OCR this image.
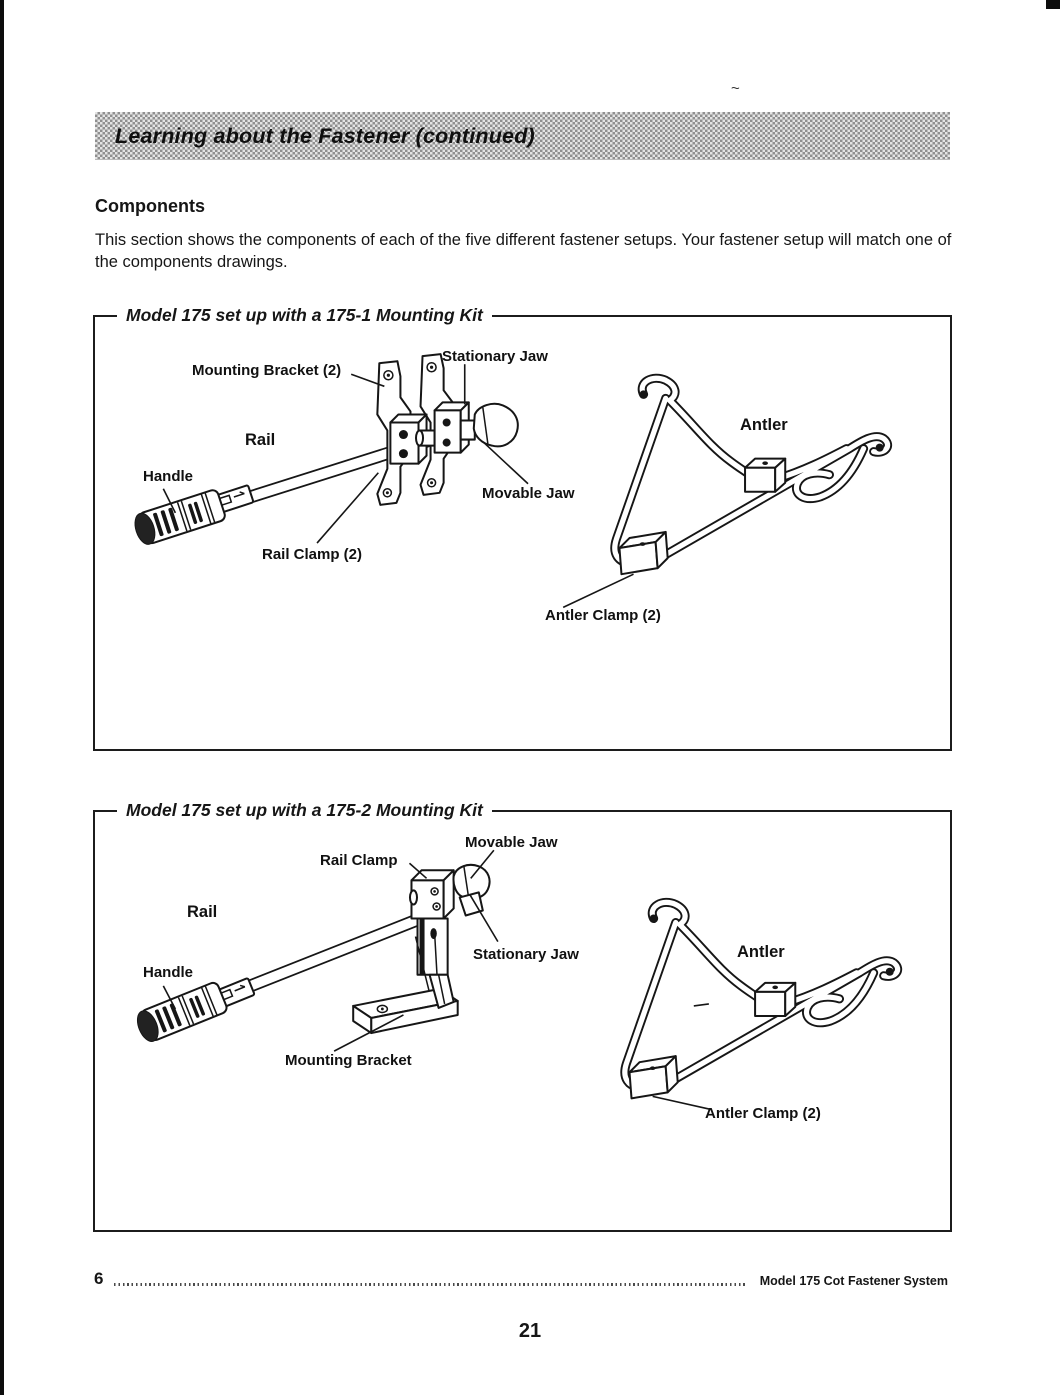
~
Learning about the Fastener (continued)
Components
This section shows the components of each of the five different fastener setups. Your fastener setup will match one of the components drawings.
Model 175 set up with a 175-1 Mounting Kit
Mounting Bracket (2)
Stationary Jaw
Rail
Handle
Movable Jaw
Rail Clamp (2)
Antler
Antler Clamp (2)
Model 175 set up with a 175-2 Mounting Kit
Movable Jaw
Rail Clamp
Rail
Handle
Stationary Jaw
Mounting Bracket
Antler
Antler Clamp (2)
6	Model 175 Cot Fastener System
21
